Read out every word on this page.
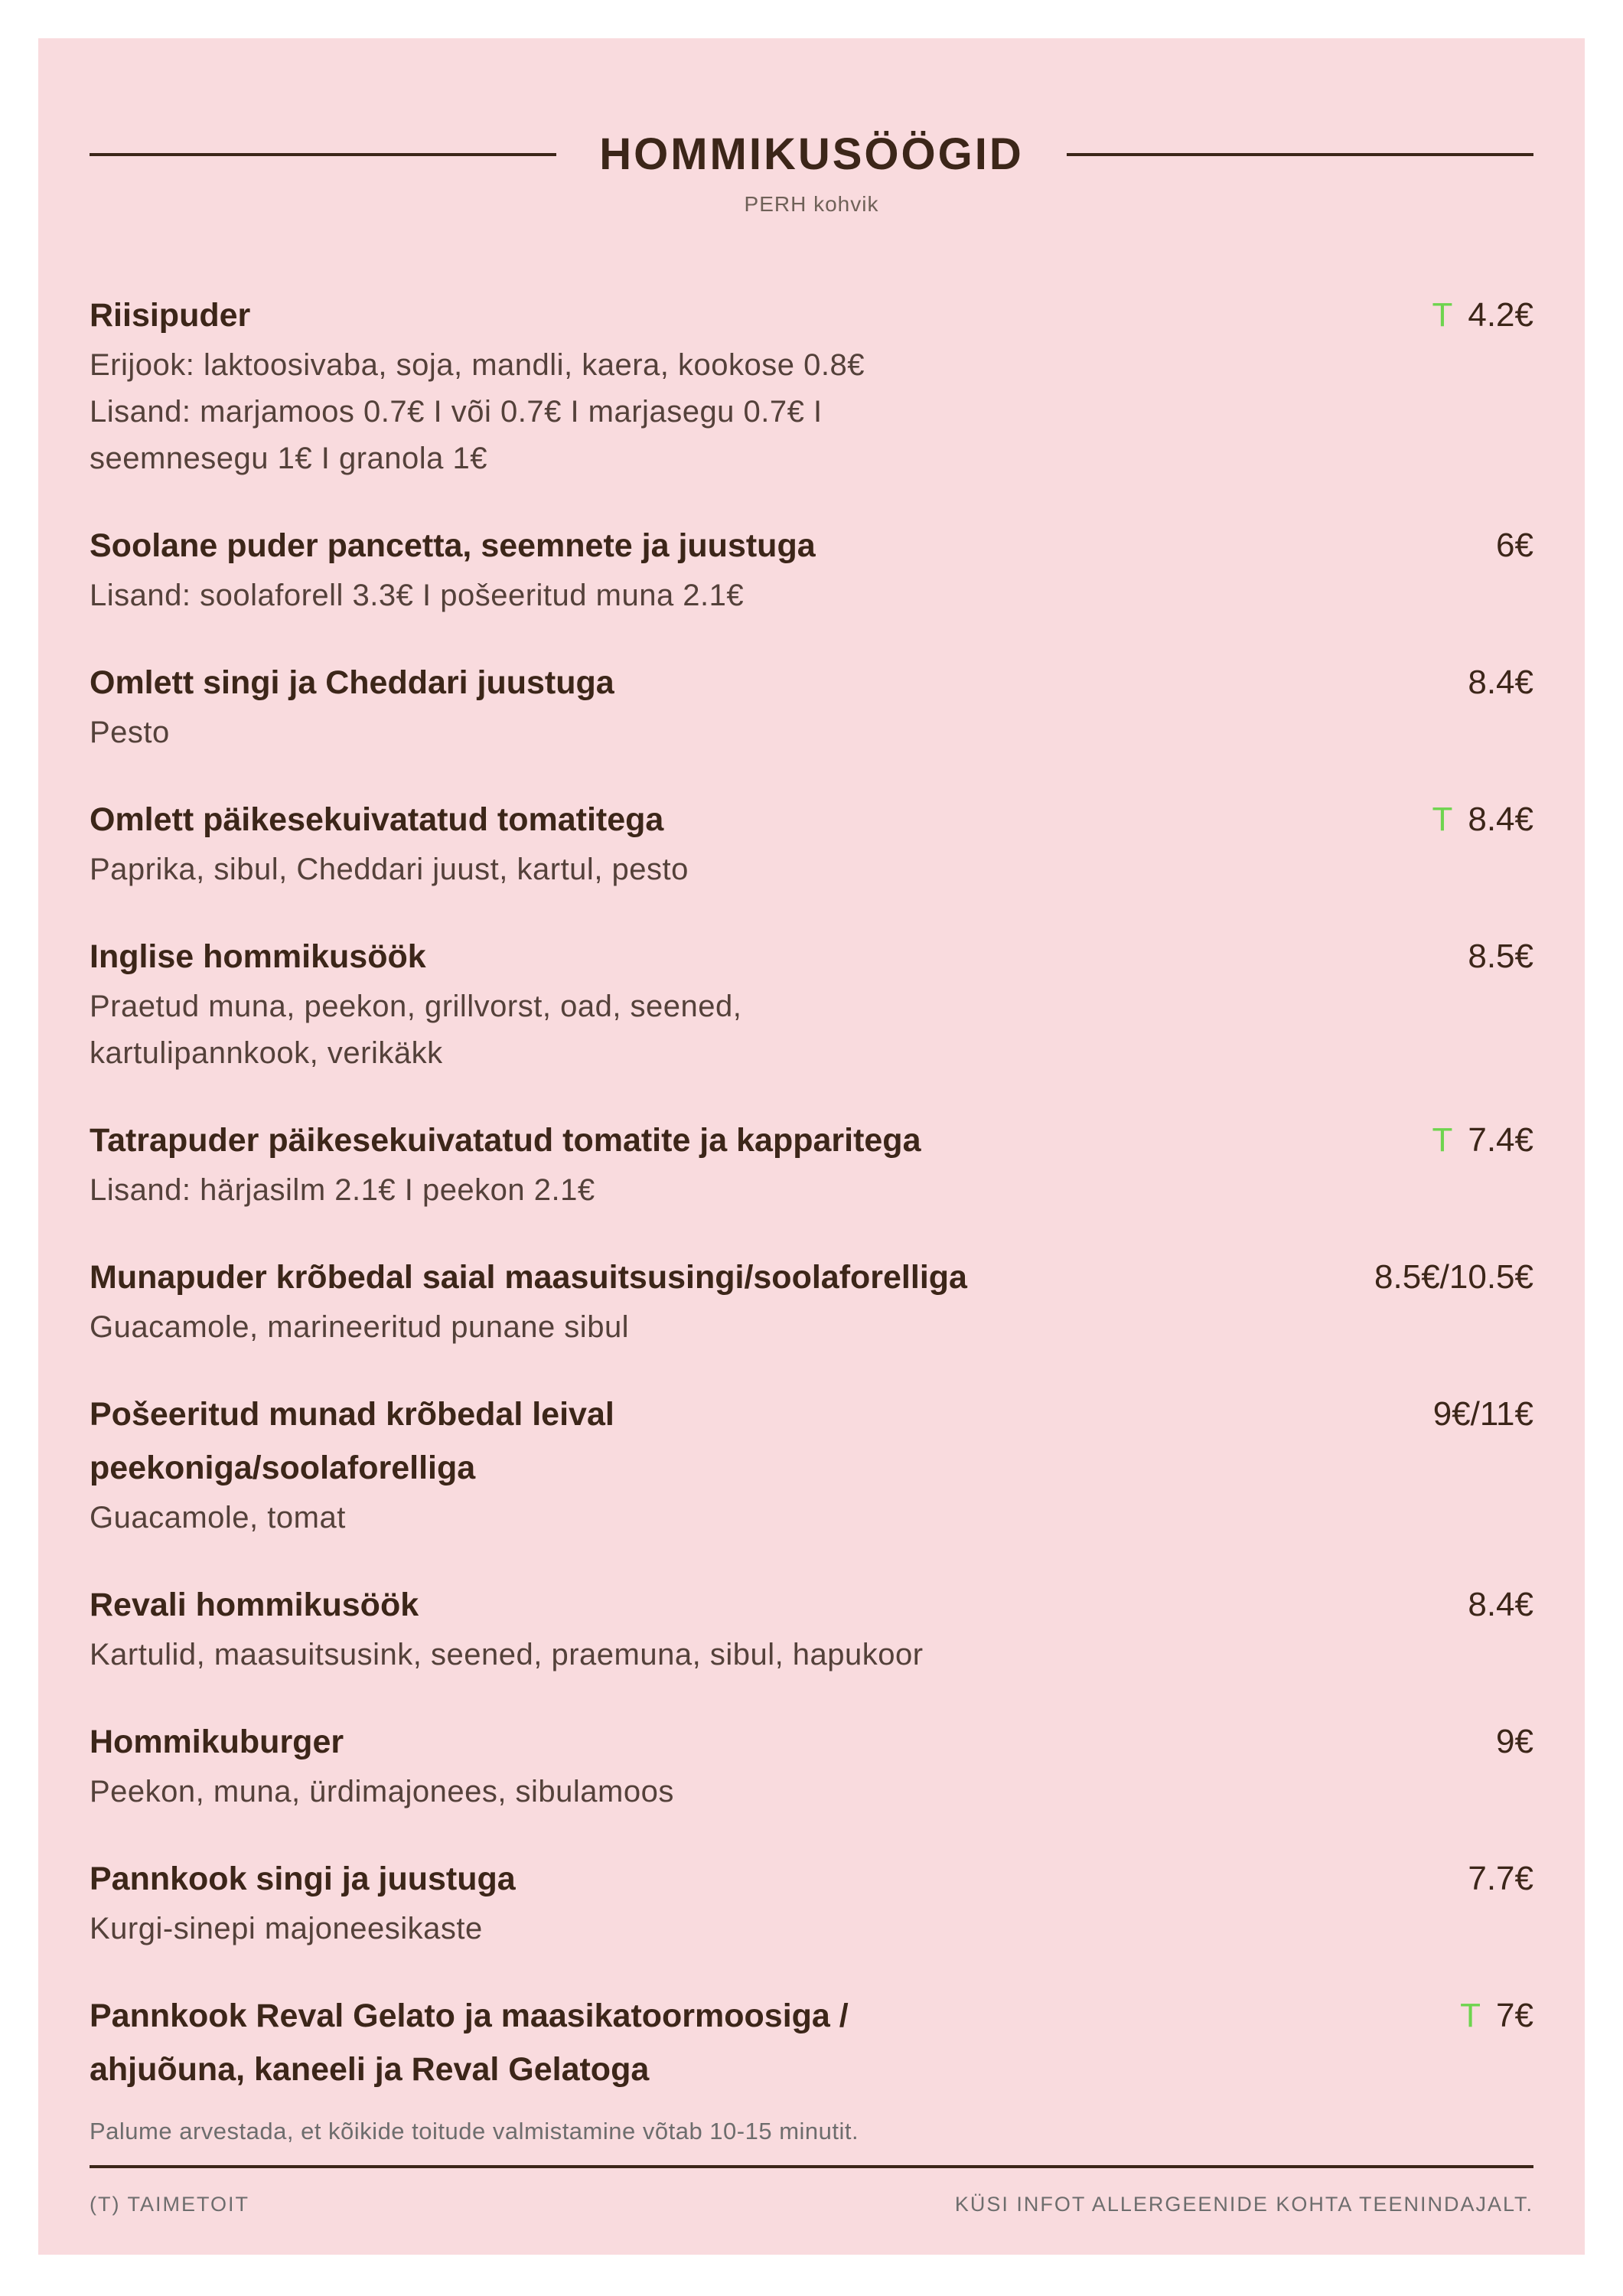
HOMMIKUSÖÖGID
PERH kohvik
Riisipuder
Erijook: laktoosivaba, soja, mandli, kaera, kookose 0.8€
Lisand: marjamoos 0.7€ I või 0.7€ I marjasegu 0.7€ I
seemnesegu 1€ I granola 1€
T 4.2€
Soolane puder pancetta, seemnete ja juustuga
Lisand: soolaforell 3.3€ I pošeeritud muna 2.1€
6€
Omlett singi ja Cheddari juustuga
Pesto
8.4€
Omlett päikesekuivatatud tomatitega
Paprika, sibul, Cheddari juust, kartul, pesto
T 8.4€
Inglise hommikusöök
Praetud muna, peekon, grillvorst, oad, seened,
kartulipannkook, verikäkk
8.5€
Tatrapuder päikesekuivatatud tomatite ja kapparitega
Lisand: härjasilm 2.1€ I peekon 2.1€
T 7.4€
Munapuder krõbedal saial maasuitsusingi/soolaforelliga
Guacamole, marineeritud punane sibul
8.5€/10.5€
Pošeeritud munad krõbedal leival
peekoniga/soolaforelliga
Guacamole, tomat
9€/11€
Revali hommikusöök
Kartulid, maasuitsusink, seened, praemuna, sibul, hapukoor
8.4€
Hommikuburger
Peekon, muna, ürdimajonees, sibulamoos
9€
Pannkook singi ja juustuga
Kurgi-sinepi majoneesikaste
7.7€
Pannkook Reval Gelato ja maasikatoormoosiga /
ahjuõuna, kaneeli ja Reval Gelatoga
T 7€
Palume arvestada, et kõikide toitude valmistamine võtab 10-15 minutit.
(T) TAIMETOIT	KÜSI INFOT ALLERGEENIDE KOHTA TEENINDAJALT.
